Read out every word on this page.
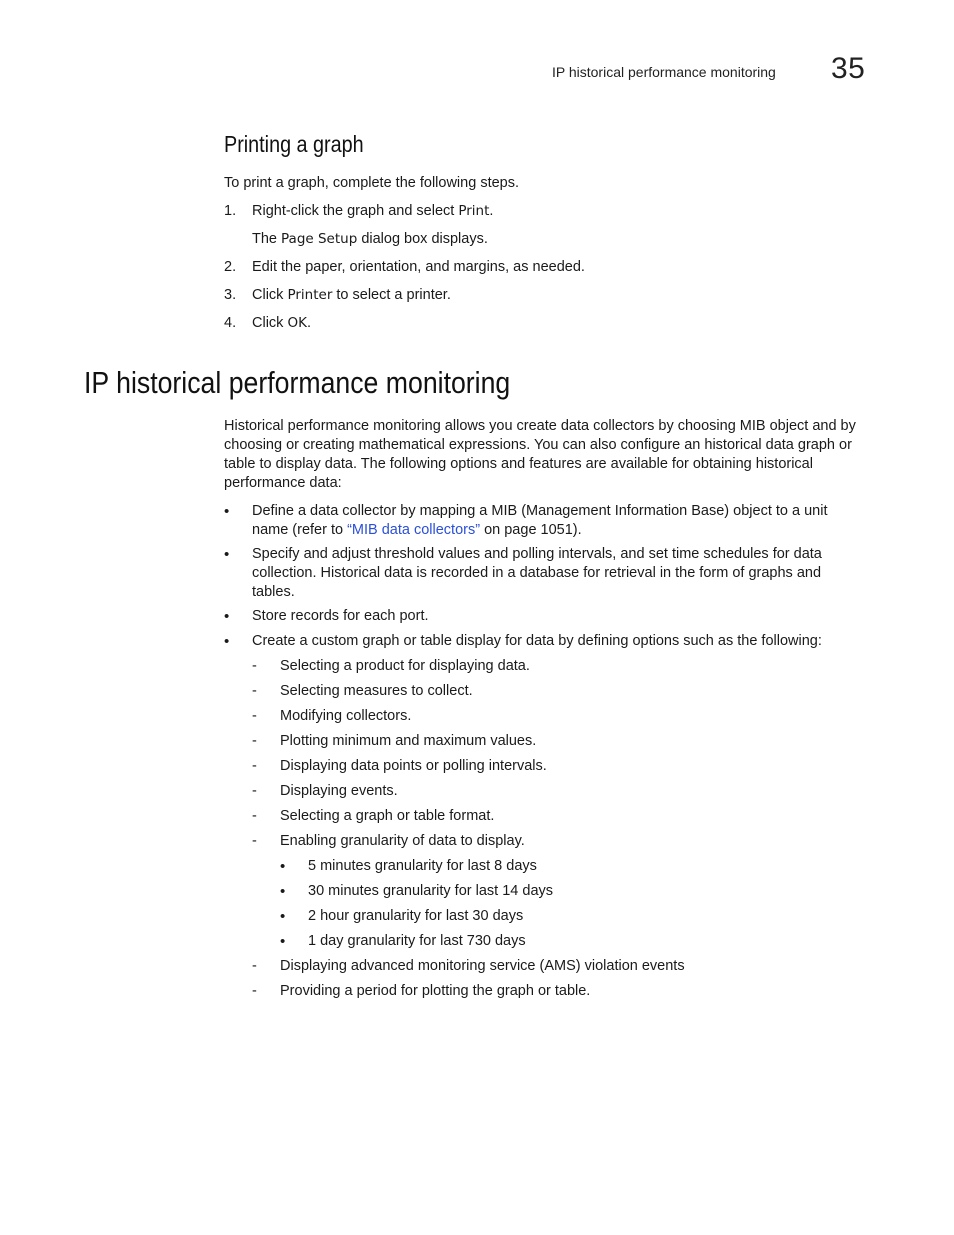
IP historical performance monitoring 35
Printing a graph
To print a graph, complete the following steps.
1. Right-click the graph and select Print.
The Page Setup dialog box displays.
2. Edit the paper, orientation, and margins, as needed.
3. Click Printer to select a printer.
4. Click OK.
IP historical performance monitoring
Historical performance monitoring allows you create data collectors by choosing MIB object and by choosing or creating mathematical expressions. You can also configure an historical data graph or table to display data. The following options and features are available for obtaining historical performance data:
•	Define a data collector by mapping a MIB (Management Information Base) object to a unit name (refer to “MIB data collectors” on page 1051).
•	Specify and adjust threshold values and polling intervals, and set time schedules for data collection. Historical data is recorded in a database for retrieval in the form of graphs and tables.
•	Store records for each port.
•	Create a custom graph or table display for data by defining options such as the following:
- Selecting a product for displaying data.
- Selecting measures to collect.
- Modifying collectors.
- Plotting minimum and maximum values.
- Displaying data points or polling intervals.
- Displaying events.
- Selecting a graph or table format.
- Enabling granularity of data to display.
• 5 minutes granularity for last 8 days
• 30 minutes granularity for last 14 days
• 2 hour granularity for last 30 days
• 1 day granularity for last 730 days
- Displaying advanced monitoring service (AMS) violation events
- Providing a period for plotting the graph or table.
